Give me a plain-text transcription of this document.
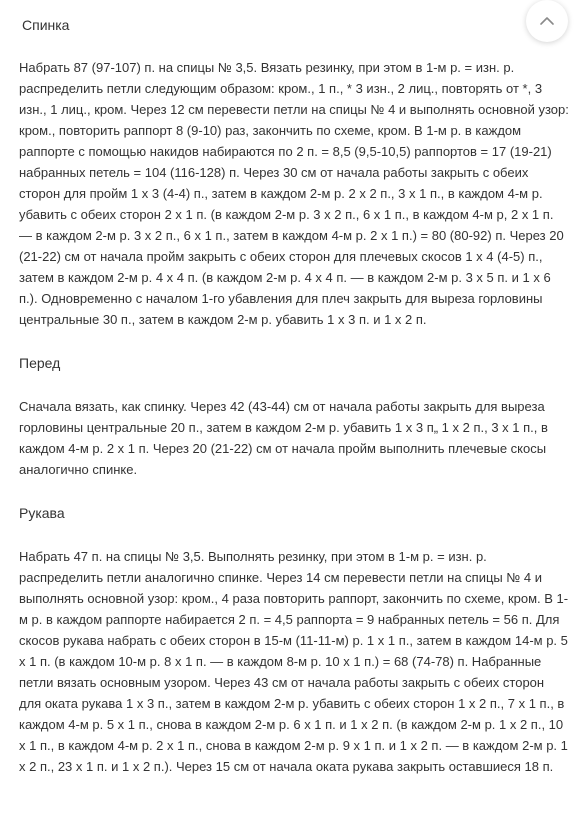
Спинка

Набрать 87 (97-107) п. на спицы № 3,5. Вязать резинку, при этом в 1-м р. = изн. р. распределить петли следующим образом: кром., 1 п., * 3 изн., 2 лиц., повторять от *, 3 изн., 1 лиц., кром. Через 12 см перевести петли на спицы № 4 и выполнять основной узор: кром., повторить раппорт 8 (9-10) раз, закончить по схеме, кром. В 1-м р. в каждом раппорте с помощью накидов набираются по 2 п. = 8,5 (9,5-10,5) раппортов = 17 (19-21) набранных петель = 104 (116-128) п. Через 30 см от начала работы закрыть с обеих сторон для пройм 1 х 3 (4-4) п., затем в каждом 2-м р. 2 х 2 п., 3 х 1 п., в каждом 4-м р. убавить с обеих сторон 2 х 1 п. (в каждом 2-м р. 3 х 2 п., 6 х 1 п., в каждом 4-м р, 2 х 1 п. — в каждом 2-м р. 3 х 2 п., 6 х 1 п., затем в каждом 4-м р. 2 х 1 п.) = 80 (80-92) п. Через 20 (21-22) см от начала пройм закрыть с обеих сторон для плечевых скосов 1 х 4 (4-5) п., затем в каждом 2-м р. 4 х 4 п. (в каждом 2-м р. 4 х 4 п. — в каждом 2-м р. 3 х 5 п. и 1 х 6 п.). Одновременно с началом 1-го убавления для плеч закрыть для выреза горловины центральные 30 п., затем в каждом 2-м р. убавить 1 х 3 п. и 1 х 2 п.

Перед

Сначала вязать, как спинку. Через 42 (43-44) см от начала работы закрыть для выреза горловины центральные 20 п., затем в каждом 2-м р. убавить 1 х 3 п„ 1 х 2 п., 3 х 1 п., в каждом 4-м р. 2 х 1 п. Через 20 (21-22) см от начала пройм выполнить плечевые скосы аналогично спинке.

Рукава

Набрать 47 п. на спицы № 3,5. Выполнять резинку, при этом в 1-м р. = изн. р. распределить петли аналогично спинке. Через 14 см перевести петли на спицы № 4 и выполнять основной узор: кром., 4 раза повторить раппорт, закончить по схеме, кром. В 1-м р. в каждом раппорте набирается 2 п. = 4,5 раппорта = 9 набранных петель = 56 п. Для скосов рукава набрать с обеих сторон в 15-м (11-11-м) р. 1 х 1 п., затем в каждом 14-м р. 5 х 1 п. (в каждом 10-м р. 8 х 1 п. — в каждом 8-м р. 10 х 1 п.) = 68 (74-78) п. Набранные петли вязать основным узором. Через 43 см от начала работы закрыть с обеих сторон для оката рукава 1 х 3 п., затем в каждом 2-м р. убавить с обеих сторон 1 х 2 п., 7 х 1 п., в каждом 4-м р. 5 х 1 п., снова в каждом 2-м р. 6 х 1 п. и 1 х 2 п. (в каждом 2-м р. 1 х 2 п., 10 х 1 п., в каждом 4-м р. 2 х 1 п., снова в каждом 2-м р. 9 х 1 п. и 1 х 2 п. — в каждом 2-м р. 1 х 2 п., 23 х 1 п. и 1 х 2 п.). Через 15 см от начала оката рукава закрыть оставшиеся 18 п.
